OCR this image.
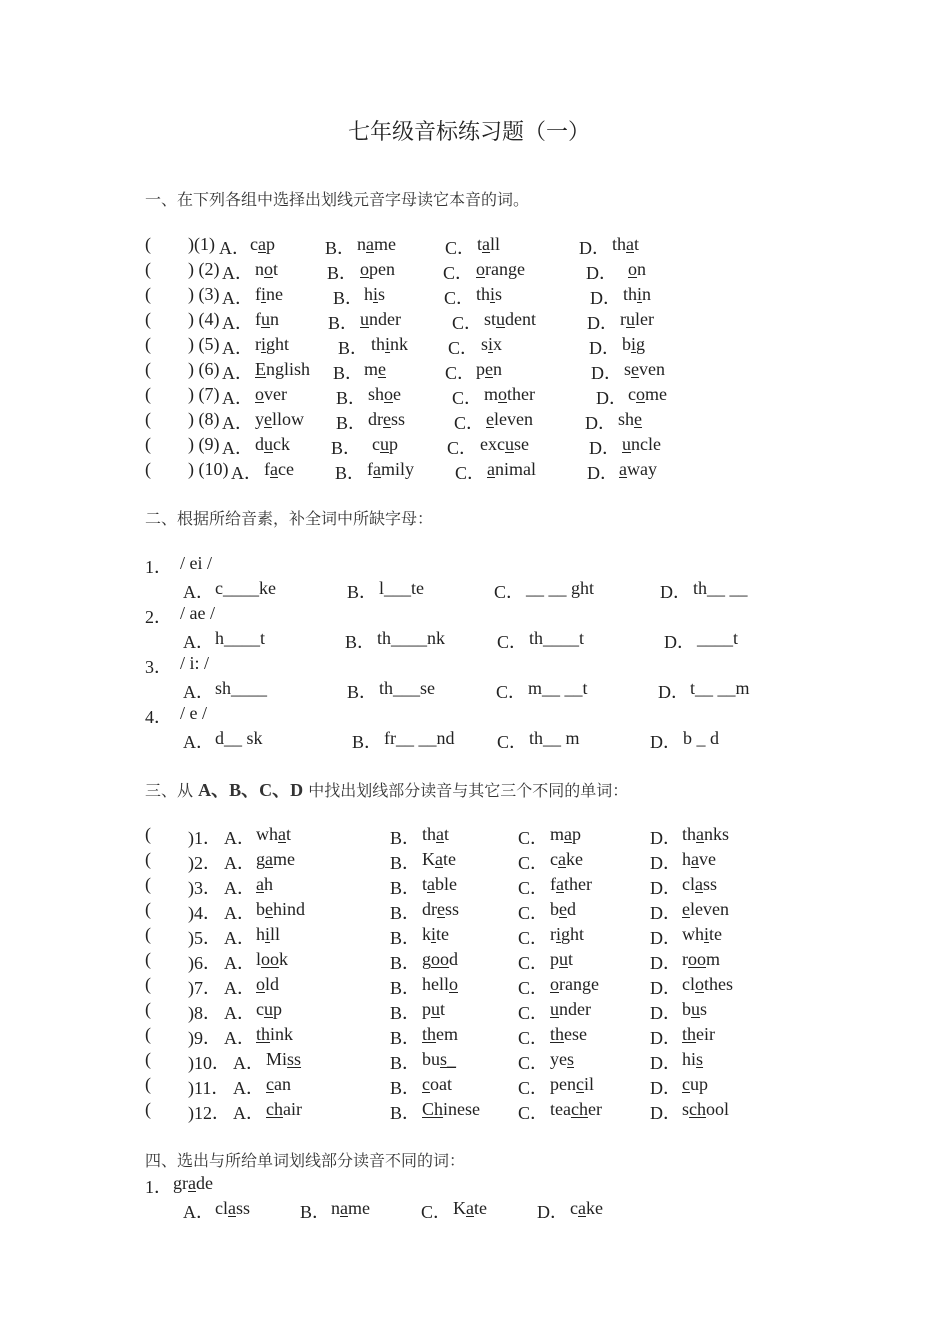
七年级音标练习题（一）
一、在下列各组中选择出划线元音字母读它本音的词。
( )(1) A． cap	B． name	C． tall	D． that
( ) (2) A． not	B． open	C． orange	D． on
( ) (3) A． fine	B． his	C． this	D． thin
( ) (4) A． fun	B． under	C． student	D． ruler
( ) (5) A． right	B． think C． six	D． big
( ) (6) A． English B． me	C． pen	D． seven
( ) (7) A． over	B． shoe	C． mother	D． come
( ) (8) A． yellow B． dress	C． eleven	D． she
( ) (9) A． duck B． cup	C． excuse	D． uncle
( ) (10) A． face B． family C． animal	D． away
二、根据所给音素，补全词中所缺字母：
1． / ei /
A． c____ke	B． l___te	C． __ __ ght	D． th__ __
2． / ae /
A． h____t	B． th____nk	C． th____t	D． ____t
3． / i: /
A． sh____	B． th___se	C． m__ __t	D． t__ __m
4． / e /
A． d__ sk	B． fr__ __nd C． th__ m	D． b _ d
三、从 A、B、C、D 中找出划线部分读音与其它三个不同的单词：
( )1． A． what	B． that	C． map	D． thanks
( )2． A． game	B． Kate	C． cake	D． have
( )3． A． ah	B． table	C． father	D． class
( )4． A． behind	B． dress	C． bed	D． eleven
( )5． A． hill	B． kite	C． right	D． white
( )6． A． look	B． good	C． put	D． room
( )7． A． old	B． hello	C． orange	D． clothes
( )8． A． cup	B． put	C． under	D． bus
( )9． A． think	B． them	C． these	D． their
( )10． A． Miss	B． bus_	C． yes	D． his
( )11． A． can	B． coat	C． pencil	D． cup
( )12． A． chair	B． Chinese C． teacher	D． school
四、选出与所给单词划线部分读音不同的词：
1． grade
A． class	B． name	C． Kate	D． cake
